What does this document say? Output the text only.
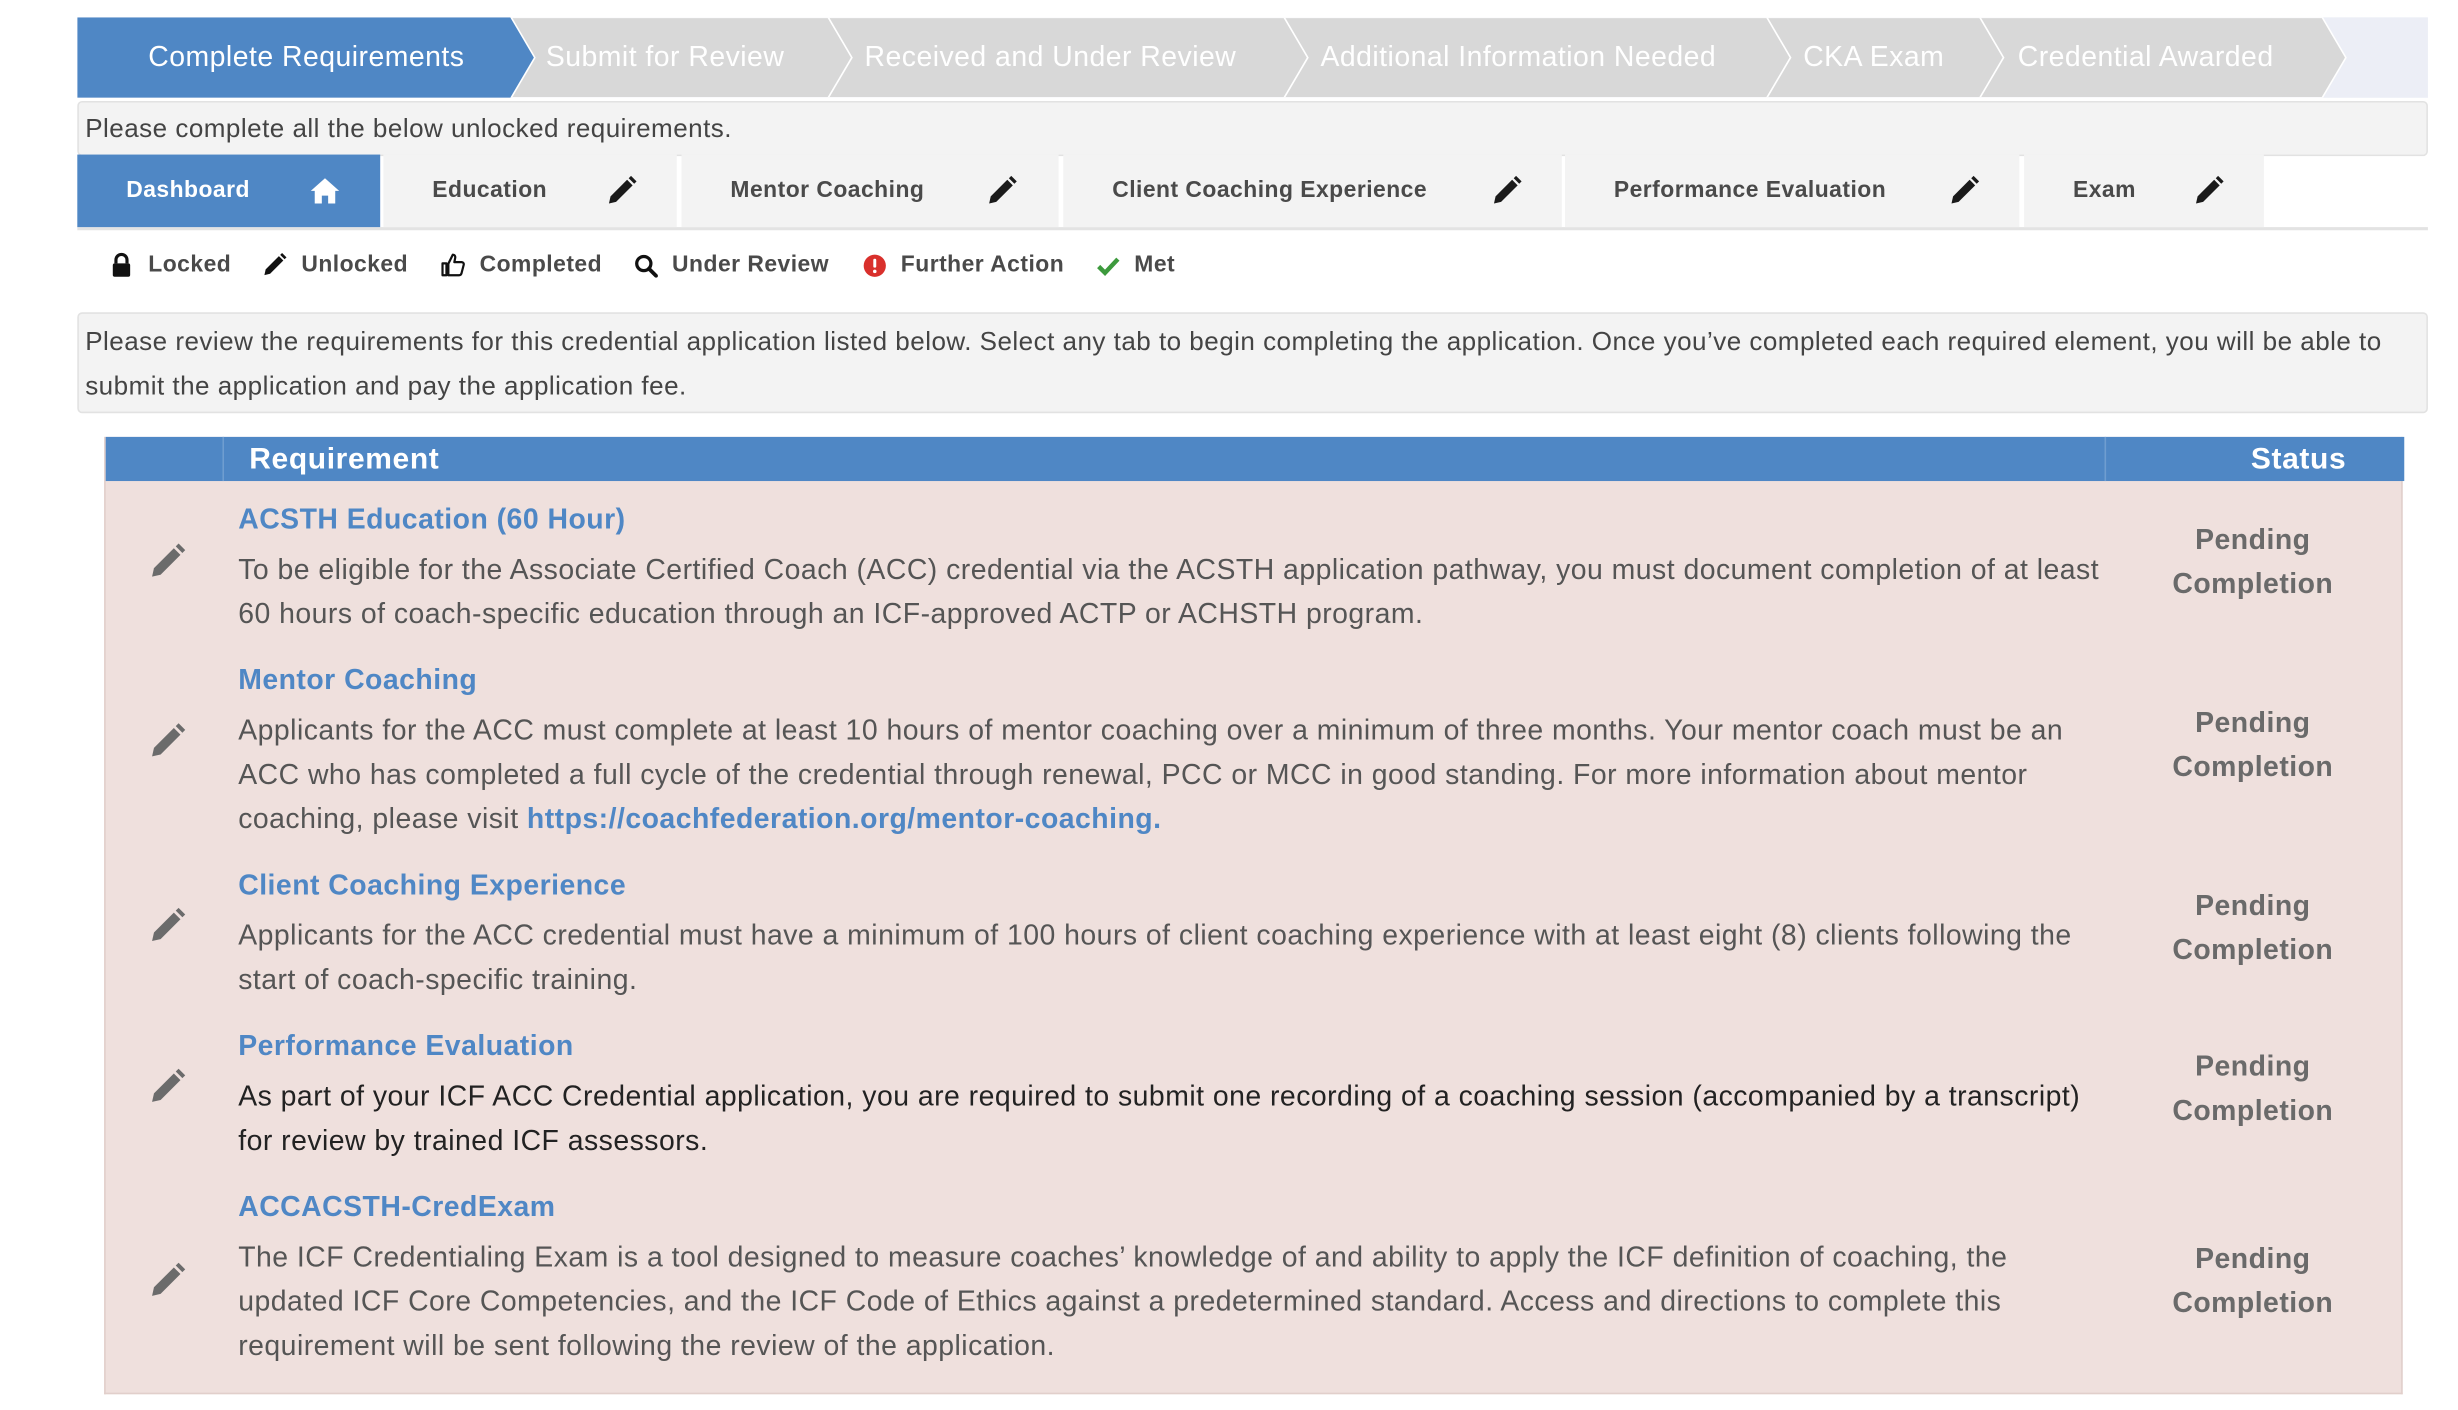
Complete Requirements	Submit for Review	Received and Under Review	Additional Information Needed	CKA Exam	Credential Awarded
Please complete all the below unlocked requirements.
Dashboard	Education	Mentor Coaching	Client Coaching Experience	Performance Evaluation	Exam
Locked	Unlocked	Completed	Under Review	Further Action	Met
Please review the requirements for this credential application listed below. Select any tab to begin completing the application. Once you’ve completed each required element, you will be able to submit the application and pay the application fee.
Requirement	Status
ACSTH Education (60 Hour)
To be eligible for the Associate Certified Coach (ACC) credential via the ACSTH application pathway, you must document completion of at least 60 hours of coach-specific education through an ICF-approved ACTP or ACHSTH program.
Pending
Completion
Mentor Coaching
Applicants for the ACC must complete at least 10 hours of mentor coaching over a minimum of three months. Your mentor coach must be an ACC who has completed a full cycle of the credential through renewal, PCC or MCC in good standing. For more information about mentor coaching, please visit https://coachfederation.org/mentor-coaching.
Pending
Completion
Client Coaching Experience
Applicants for the ACC credential must have a minimum of 100 hours of client coaching experience with at least eight (8) clients following the start of coach-specific training.
Pending
Completion
Performance Evaluation
As part of your ICF ACC Credential application, you are required to submit one recording of a coaching session (accompanied by a transcript) for review by trained ICF assessors.
Pending
Completion
ACCACSTH-CredExam
The ICF Credentialing Exam is a tool designed to measure coaches’ knowledge of and ability to apply the ICF definition of coaching, the updated ICF Core Competencies, and the ICF Code of Ethics against a predetermined standard. Access and directions to complete this requirement will be sent following the review of the application.
Pending
Completion
